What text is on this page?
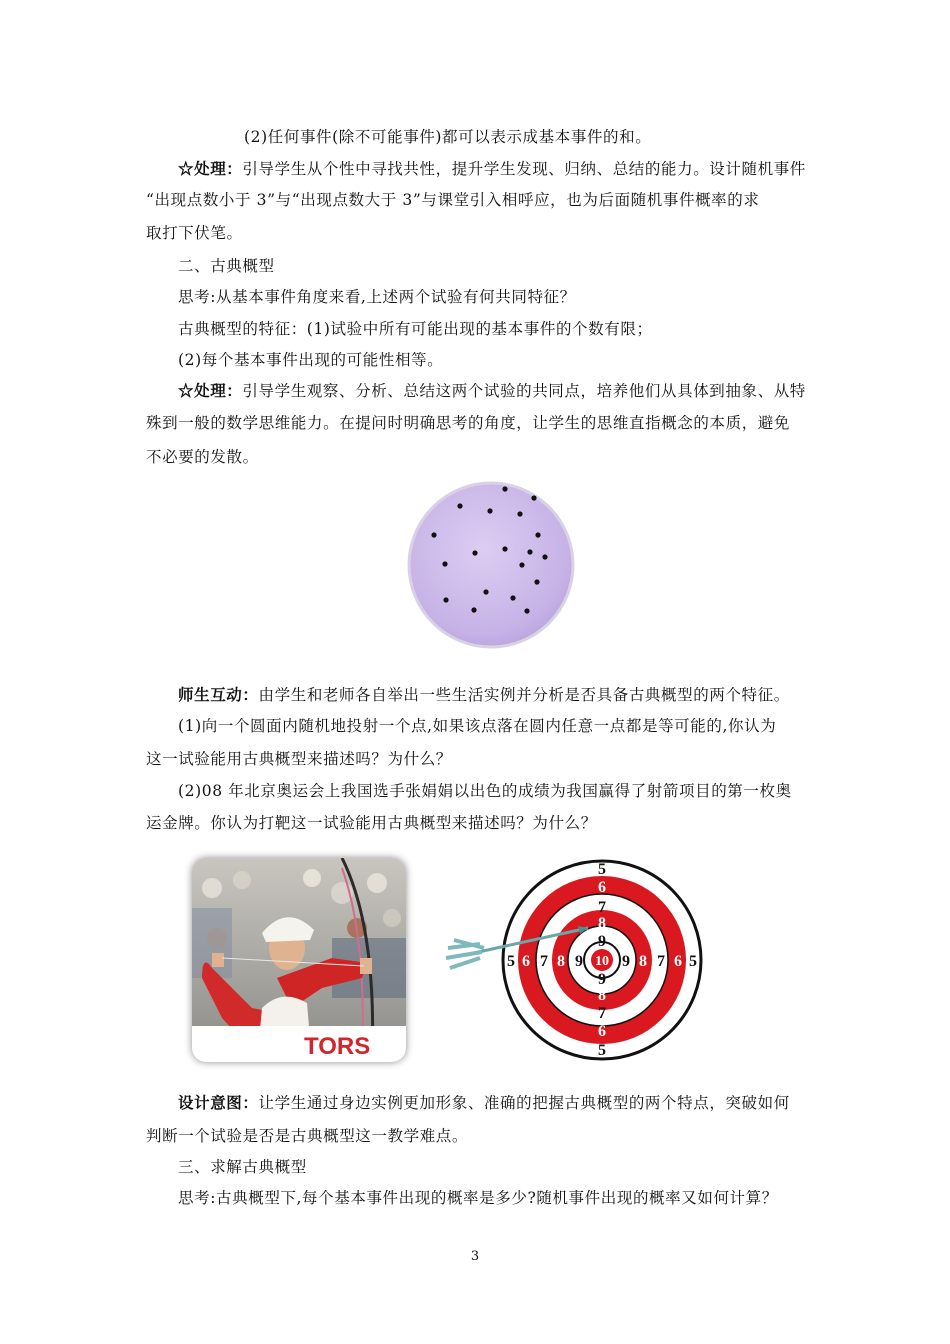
(2)任何事件(除不可能事件)都可以表示成基本事件的和。
☆处理：引导学生从个性中寻找共性，提升学生发现、归纳、总结的能力。设计随机事件
“出现点数小于 3”与“出现点数大于 3”与课堂引入相呼应，也为后面随机事件概率的求
取打下伏笔。
二、古典概型
思考:从基本事件角度来看,上述两个试验有何共同特征？
古典概型的特征：(1)试验中所有可能出现的基本事件的个数有限；
(2)每个基本事件出现的可能性相等。
☆处理：引导学生观察、分析、总结这两个试验的共同点，培养他们从具体到抽象、从特
殊到一般的数学思维能力。在提问时明确思考的角度，让学生的思维直指概念的本质，避免
不必要的发散。
师生互动：由学生和老师各自举出一些生活实例并分析是否具备古典概型的两个特征。
(1)向一个圆面内随机地投射一个点,如果该点落在圆内任意一点都是等可能的,你认为
这一试验能用古典概型来描述吗？为什么？
(2)08 年北京奥运会上我国选手张娟娟以出色的成绩为我国赢得了射箭项目的第一枚奥
运金牌。你认为打靶这一试验能用古典概型来描述吗？为什么？
TORS
5
6
7
8
9
10
9
8
7
6
5
5 6 7 8 9 9 8 7 6 5
设计意图：让学生通过身边实例更加形象、准确的把握古典概型的两个特点，突破如何
判断一个试验是否是古典概型这一教学难点。
三、求解古典概型
思考:古典概型下,每个基本事件出现的概率是多少?随机事件出现的概率又如何计算？
3
